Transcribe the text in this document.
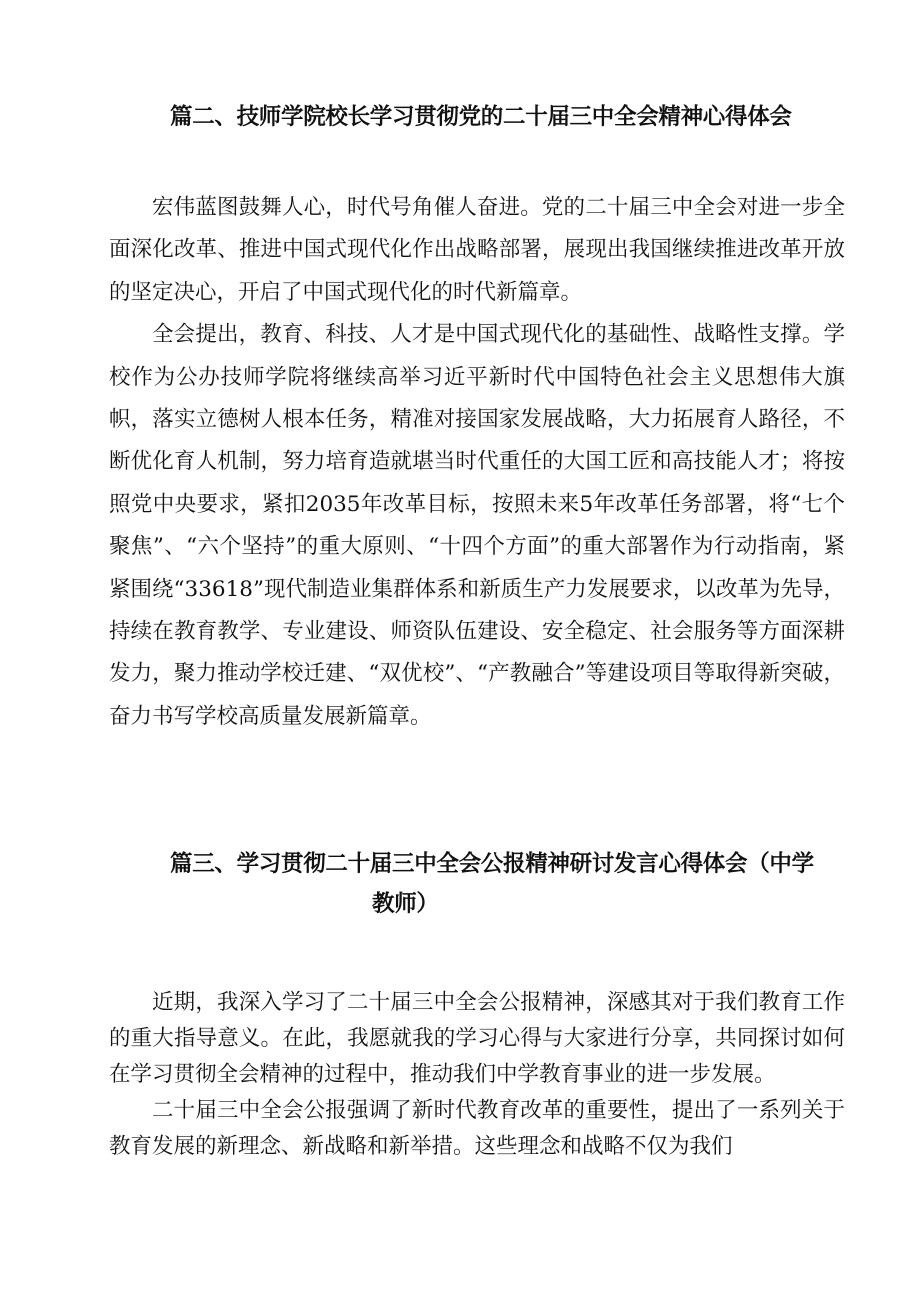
篇二、技师学院校长学习贯彻党的二十届三中全会精神心得体会

宏伟蓝图鼓舞人心，时代号角催人奋进。党的二十届三中全会对进一步全面深化改革、推进中国式现代化作出战略部署，展现出我国继续推进改革开放的坚定决心，开启了中国式现代化的时代新篇章。

全会提出，教育、科技、人才是中国式现代化的基础性、战略性支撑。学校作为公办技师学院将继续高举习近平新时代中国特色社会主义思想伟大旗帜，落实立德树人根本任务，精准对接国家发展战略，大力拓展育人路径，不断优化育人机制，努力培育造就堪当时代重任的大国工匠和高技能人才；将按照党中央要求，紧扣2035年改革目标，按照未来5年改革任务部署，将“七个聚焦”、“六个坚持”的重大原则、“十四个方面”的重大部署作为行动指南，紧紧围绕“33618”现代制造业集群体系和新质生产力发展要求，以改革为先导，持续在教育教学、专业建设、师资队伍建设、安全稳定、社会服务等方面深耕发力，聚力推动学校迁建、“双优校”、“产教融合”等建设项目等取得新突破，奋力书写学校高质量发展新篇章。

篇三、学习贯彻二十届三中全会公报精神研讨发言心得体会（中学
教师）

近期，我深入学习了二十届三中全会公报精神，深感其对于我们教育工作的重大指导意义。在此，我愿就我的学习心得与大家进行分享，共同探讨如何在学习贯彻全会精神的过程中，推动我们中学教育事业的进一步发展。

二十届三中全会公报强调了新时代教育改革的重要性，提出了一系列关于教育发展的新理念、新战略和新举措。这些理念和战略不仅为我们
